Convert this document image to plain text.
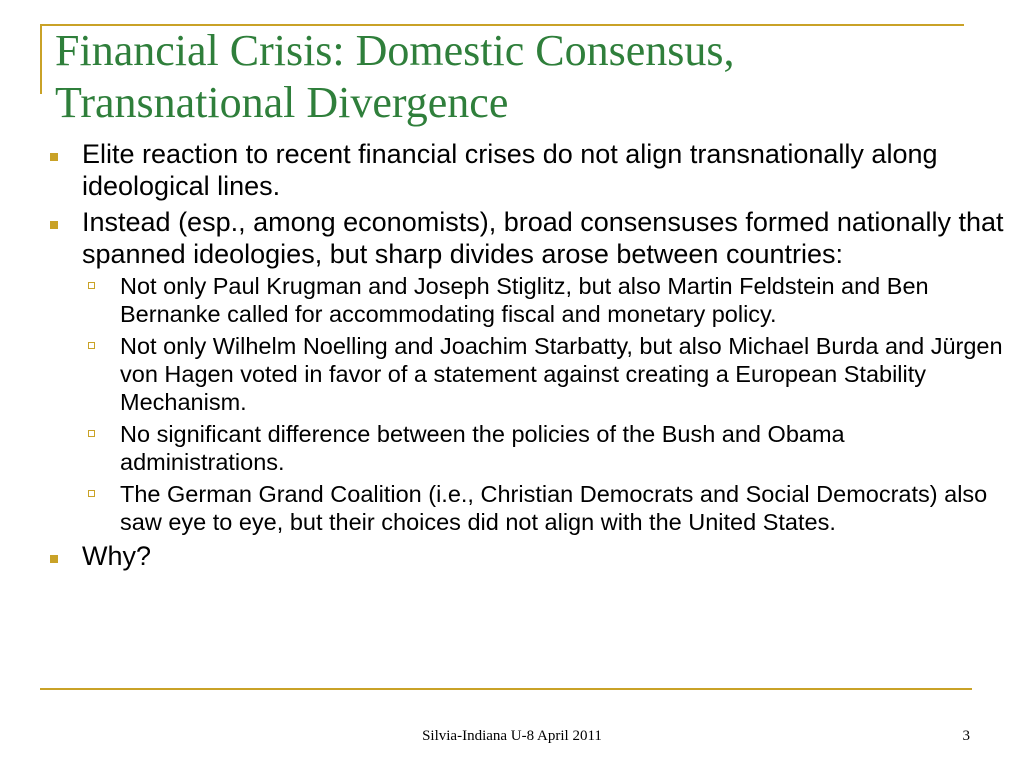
Financial Crisis: Domestic Consensus,
Transnational Divergence
Elite reaction to recent financial crises do not align transnationally along ideological lines.
Instead (esp., among economists), broad consensuses formed nationally that spanned ideologies, but sharp divides arose between countries:
Not only Paul Krugman and Joseph Stiglitz, but also Martin Feldstein and Ben Bernanke called for accommodating fiscal and monetary policy.
Not only Wilhelm Noelling and Joachim Starbatty, but also Michael Burda and Jürgen von Hagen voted in favor of a statement against creating a European Stability Mechanism.
No significant difference between the policies of the Bush and Obama administrations.
The German Grand Coalition (i.e., Christian Democrats and Social Democrats) also saw eye to eye, but their choices did not align with the United States.
Why?
Silvia-Indiana U-8 April 2011	3
